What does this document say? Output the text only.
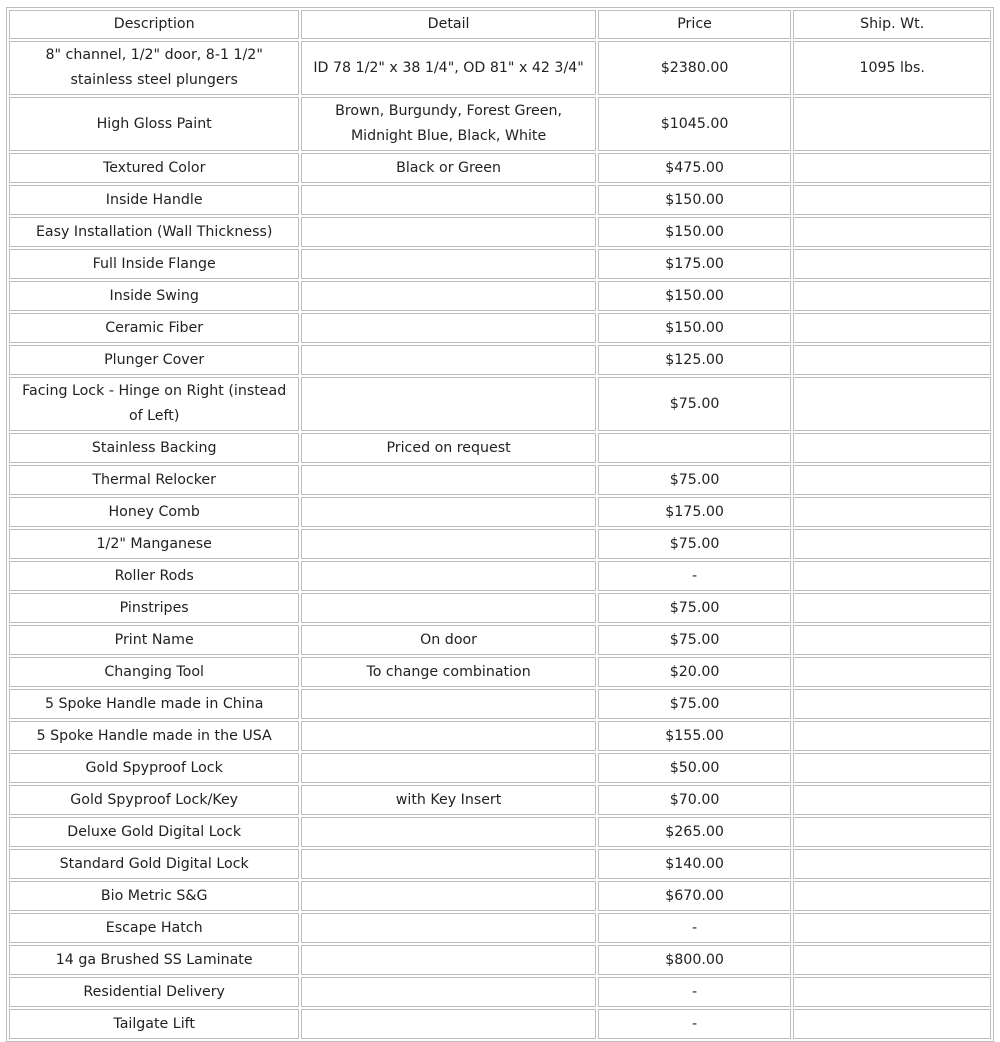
Description	Detail	Price	Ship. Wt.
8" channel, 1/2" door, 8-1 1/2" stainless steel plungers	ID 78 1/2" x 38 1/4", OD 81" x 42 3/4"	$2380.00	1095 lbs.
High Gloss Paint	Brown, Burgundy, Forest Green, Midnight Blue, Black, White	$1045.00	
Textured Color	Black or Green	$475.00	
Inside Handle		$150.00	
Easy Installation (Wall Thickness)		$150.00	
Full Inside Flange		$175.00	
Inside Swing		$150.00	
Ceramic Fiber		$150.00	
Plunger Cover		$125.00	
Facing Lock - Hinge on Right (instead of Left)		$75.00	
Stainless Backing	Priced on request		
Thermal Relocker		$75.00	
Honey Comb		$175.00	
1/2" Manganese		$75.00	
Roller Rods		-	
Pinstripes		$75.00	
Print Name	On door	$75.00	
Changing Tool	To change combination	$20.00	
5 Spoke Handle made in China		$75.00	
5 Spoke Handle made in the USA		$155.00	
Gold Spyproof Lock		$50.00	
Gold Spyproof Lock/Key	with Key Insert	$70.00	
Deluxe Gold Digital Lock		$265.00	
Standard Gold Digital Lock		$140.00	
Bio Metric S&G		$670.00	
Escape Hatch		-	
14 ga Brushed SS Laminate		$800.00	
Residential Delivery		-	
Tailgate Lift		-	
